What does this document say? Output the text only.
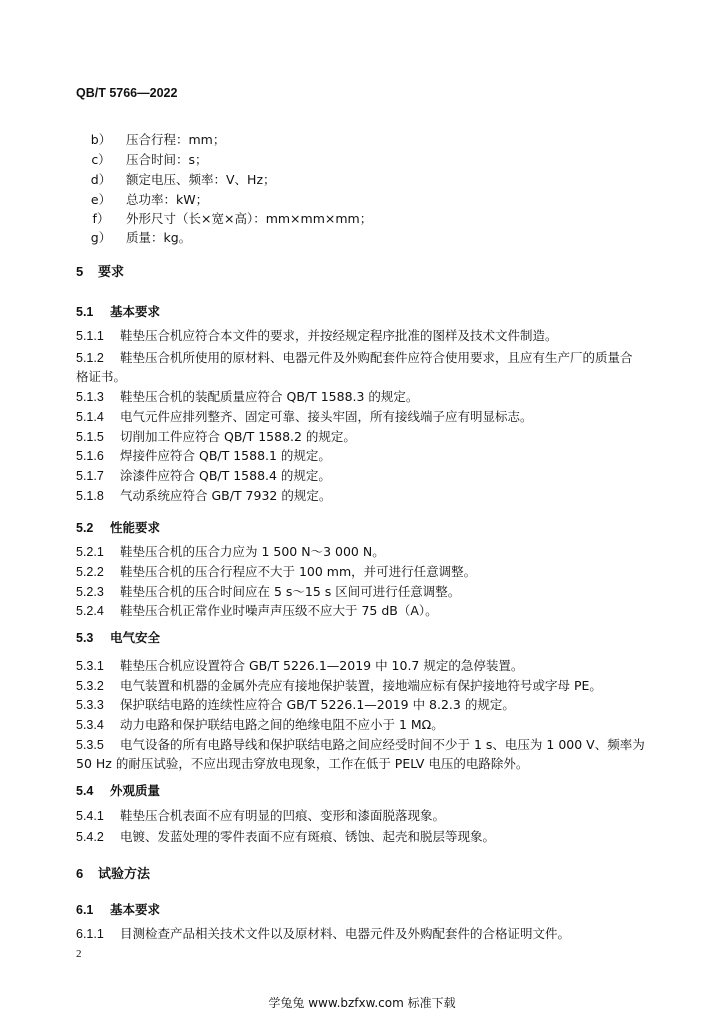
QB/T 5766—2022
b） 压合行程：mm；
c） 压合时间：s；
d） 额定电压、频率：V、Hz；
e） 总功率：kW；
f） 外形尺寸（长×宽×高）：mm×mm×mm；
g） 质量：kg。
5 要求
5.1 基本要求
5.1.1 鞋垫压合机应符合本文件的要求，并按经规定程序批准的图样及技术文件制造。
5.1.2 鞋垫压合机所使用的原材料、电器元件及外购配套件应符合使用要求，且应有生产厂的质量合
格证书。
5.1.3 鞋垫压合机的装配质量应符合 QB/T 1588.3 的规定。
5.1.4 电气元件应排列整齐、固定可靠、接头牢固，所有接线端子应有明显标志。
5.1.5 切削加工件应符合 QB/T 1588.2 的规定。
5.1.6 焊接件应符合 QB/T 1588.1 的规定。
5.1.7 涂漆件应符合 QB/T 1588.4 的规定。
5.1.8 气动系统应符合 GB/T 7932 的规定。
5.2 性能要求
5.2.1 鞋垫压合机的压合力应为 1 500 N～3 000 N。
5.2.2 鞋垫压合机的压合行程应不大于 100 mm，并可进行任意调整。
5.2.3 鞋垫压合机的压合时间应在 5 s～15 s 区间可进行任意调整。
5.2.4 鞋垫压合机正常作业时噪声声压级不应大于 75 dB（A）。
5.3 电气安全
5.3.1 鞋垫压合机应设置符合 GB/T 5226.1—2019 中 10.7 规定的急停装置。
5.3.2 电气装置和机器的金属外壳应有接地保护装置，接地端应标有保护接地符号或字母 PE。
5.3.3 保护联结电路的连续性应符合 GB/T 5226.1—2019 中 8.2.3 的规定。
5.3.4 动力电路和保护联结电路之间的绝缘电阻不应小于 1 MΩ。
5.3.5 电气设备的所有电路导线和保护联结电路之间应经受时间不少于 1 s、电压为 1 000 V、频率为
50 Hz 的耐压试验，不应出现击穿放电现象，工作在低于 PELV 电压的电路除外。
5.4 外观质量
5.4.1 鞋垫压合机表面不应有明显的凹痕、变形和漆面脱落现象。
5.4.2 电镀、发蓝处理的零件表面不应有斑痕、锈蚀、起壳和脱层等现象。
6 试验方法
6.1 基本要求
6.1.1 目测检查产品相关技术文件以及原材料、电器元件及外购配套件的合格证明文件。
2
学兔兔 www.bzfxw.com 标准下载
